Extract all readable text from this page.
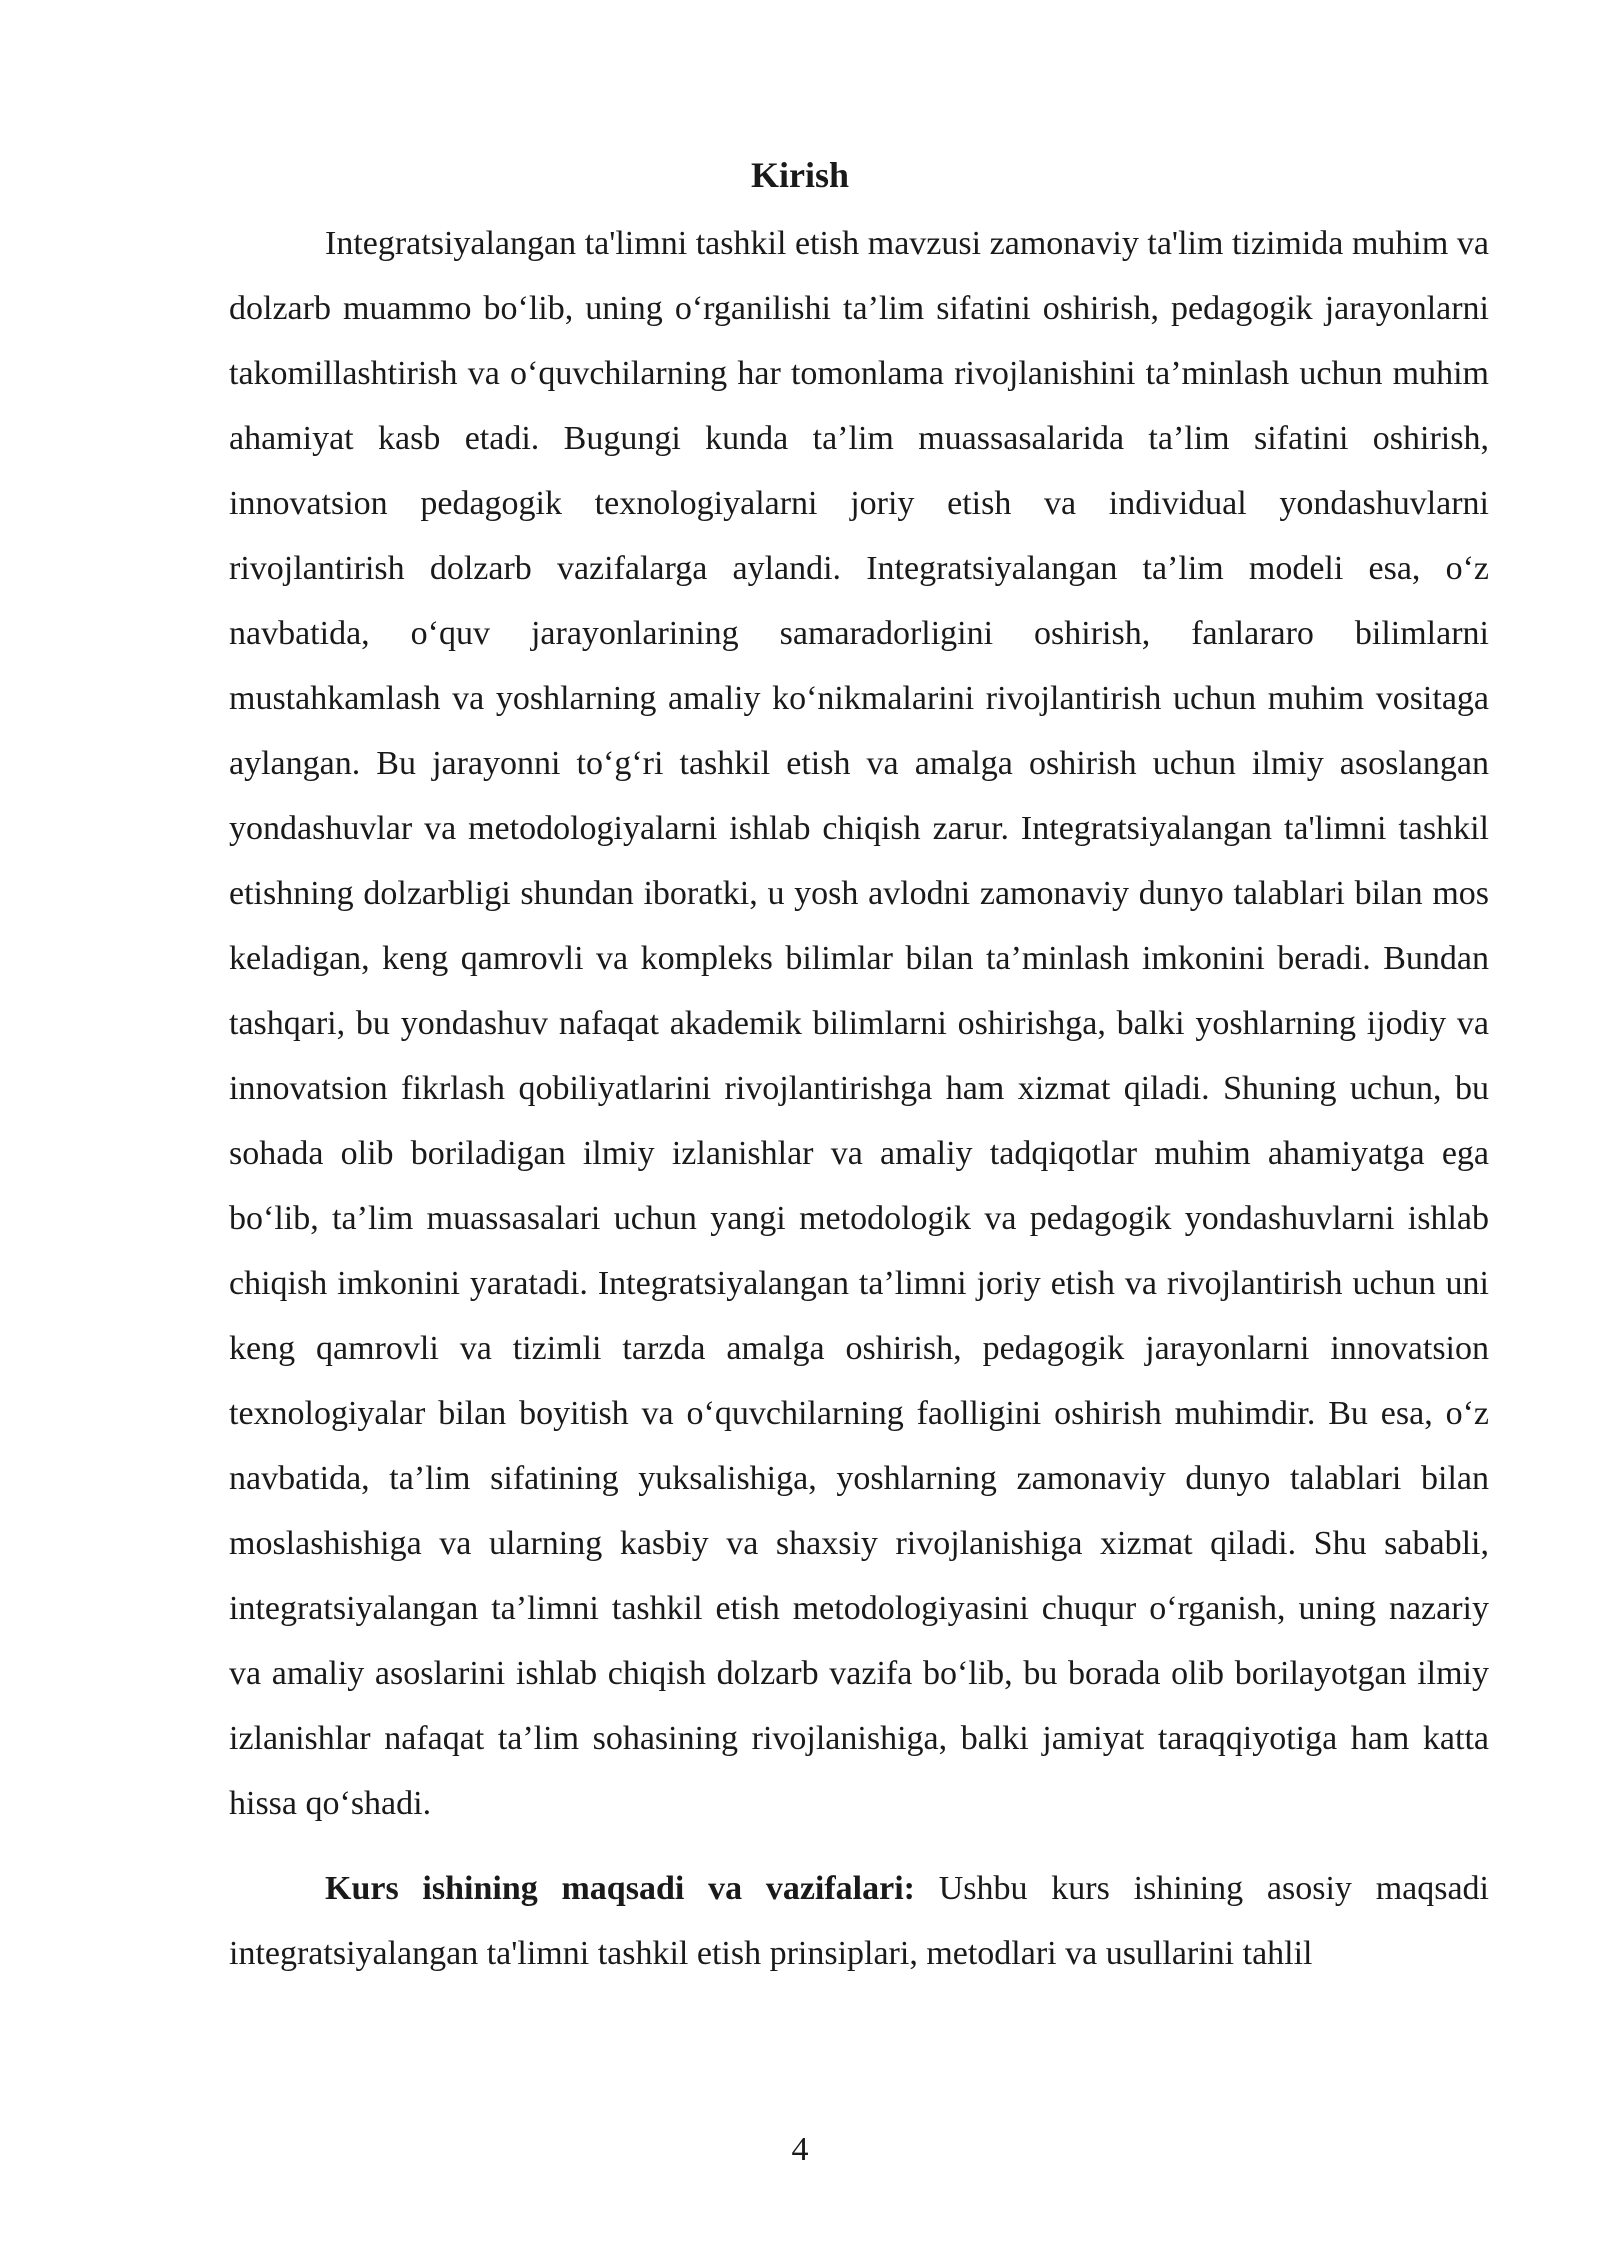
Kirish

Integratsiyalangan ta'limni tashkil etish mavzusi zamonaviy ta'lim tizimida muhim va dolzarb muammo bo‘lib, uning o‘rganilishi ta’lim sifatini oshirish, pedagogik jarayonlarni takomillashtirish va o‘quvchilarning har tomonlama rivojlanishini ta’minlash uchun muhim ahamiyat kasb etadi. Bugungi kunda ta’lim muassasalarida ta’lim sifatini oshirish, innovatsion pedagogik texnologiyalarni joriy etish va individual yondashuvlarni rivojlantirish dolzarb vazifalarga aylandi. Integratsiyalangan ta’lim modeli esa, o‘z navbatida, o‘quv jarayonlarining samaradorligini oshirish, fanlararo bilimlarni mustahkamlash va yoshlarning amaliy ko‘nikmalarini rivojlantirish uchun muhim vositaga aylangan. Bu jarayonni to‘g‘ri tashkil etish va amalga oshirish uchun ilmiy asoslangan yondashuvlar va metodologiyalarni ishlab chiqish zarur. Integratsiyalangan ta'limni tashkil etishning dolzarbligi shundan iboratki, u yosh avlodni zamonaviy dunyo talablari bilan mos keladigan, keng qamrovli va kompleks bilimlar bilan ta’minlash imkonini beradi. Bundan tashqari, bu yondashuv nafaqat akademik bilimlarni oshirishga, balki yoshlarning ijodiy va innovatsion fikrlash qobiliyatlarini rivojlantirishga ham xizmat qiladi. Shuning uchun, bu sohada olib boriladigan ilmiy izlanishlar va amaliy tadqiqotlar muhim ahamiyatga ega bo‘lib, ta’lim muassasalari uchun yangi metodologik va pedagogik yondashuvlarni ishlab chiqish imkonini yaratadi. Integratsiyalangan ta’limni joriy etish va rivojlantirish uchun uni keng qamrovli va tizimli tarzda amalga oshirish, pedagogik jarayonlarni innovatsion texnologiyalar bilan boyitish va o‘quvchilarning faolligini oshirish muhimdir. Bu esa, o‘z navbatida, ta’lim sifatining yuksalishiga, yoshlarning zamonaviy dunyo talablari bilan moslashishiga va ularning kasbiy va shaxsiy rivojlanishiga xizmat qiladi. Shu sababli, integratsiyalangan ta’limni tashkil etish metodologiyasini chuqur o‘rganish, uning nazariy va amaliy asoslarini ishlab chiqish dolzarb vazifa bo‘lib, bu borada olib borilayotgan ilmiy izlanishlar nafaqat ta’lim sohasining rivojlanishiga, balki jamiyat taraqqiyotiga ham katta hissa qo‘shadi.

Kurs ishining maqsadi va vazifalari: Ushbu kurs ishining asosiy maqsadi integratsiyalangan ta'limni tashkil etish prinsiplari, metodlari va usullarini tahlil

4
